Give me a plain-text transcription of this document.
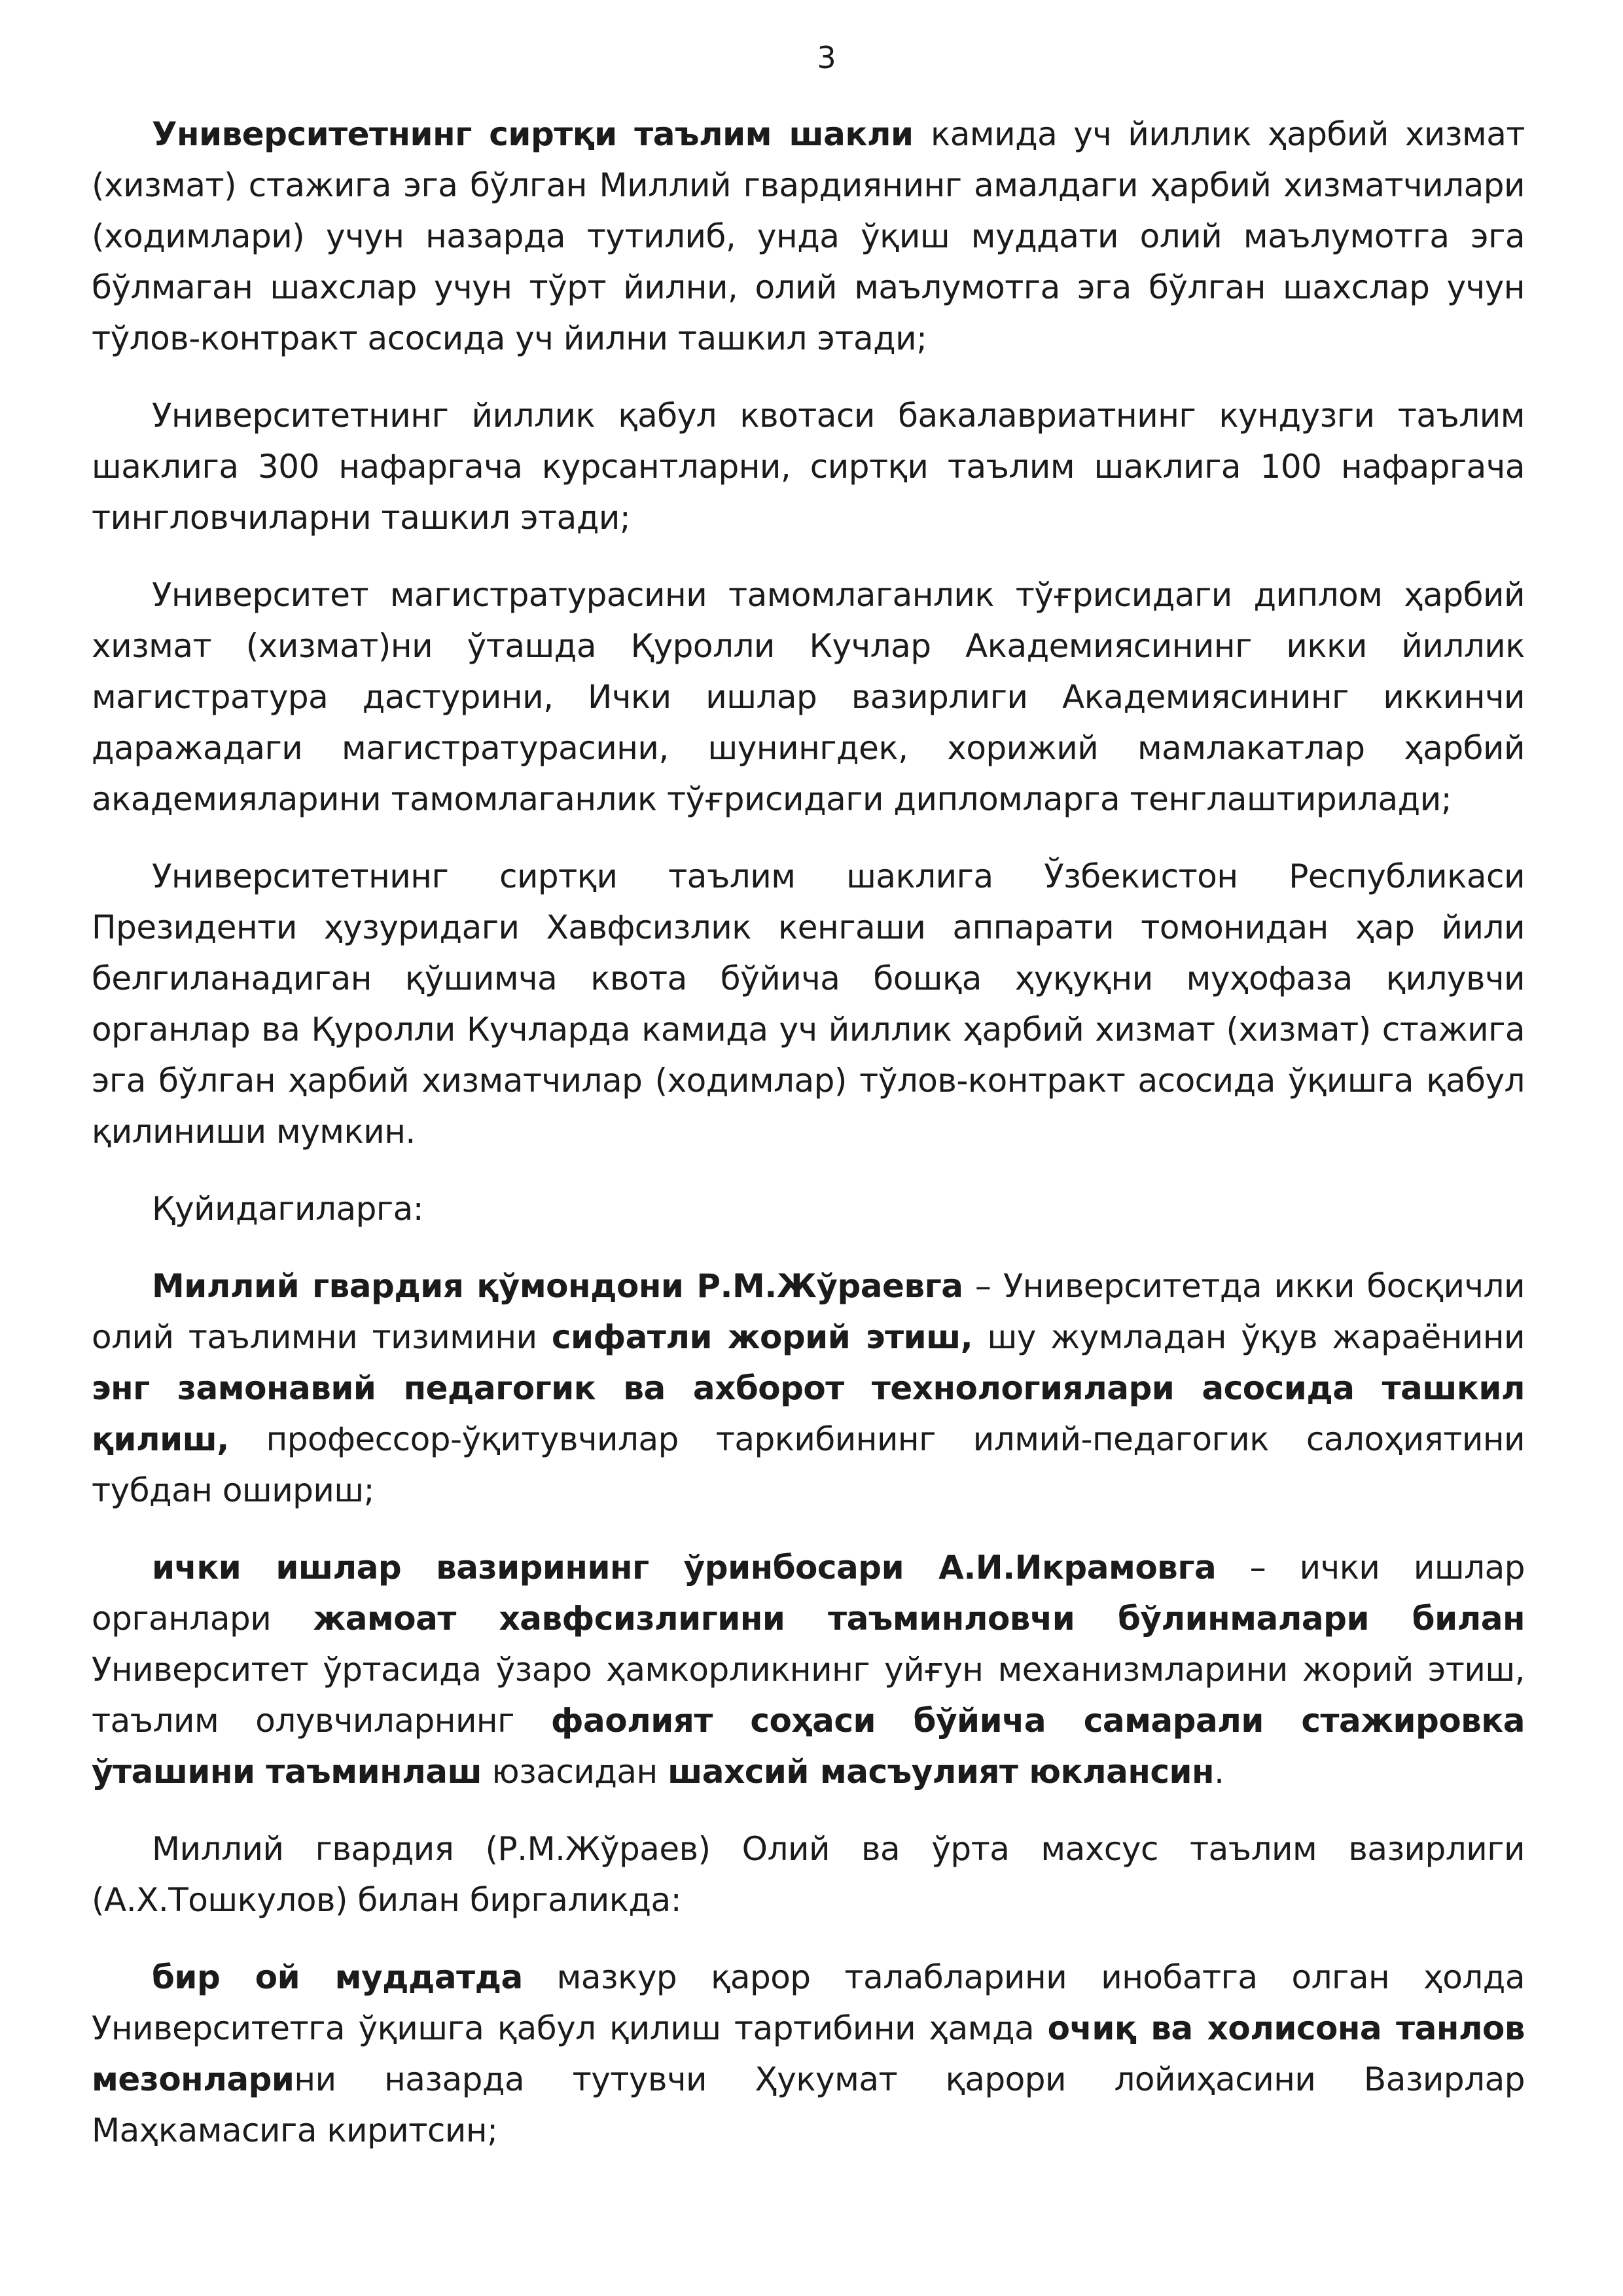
3

Университетнинг сиртқи таълим шакли камида уч йиллик ҳарбий хизмат (хизмат) стажига эга бўлган Миллий гвардиянинг амалдаги ҳарбий хизматчилари (ходимлари) учун назарда тутилиб, унда ўқиш муддати олий маълумотга эга бўлмаган шахслар учун тўрт йилни, олий маълумотга эга бўлган шахслар учун тўлов-контракт асосида уч йилни ташкил этади;

Университетнинг йиллик қабул квотаси бакалавриатнинг кундузги таълим шаклига 300 нафаргача курсантларни, сиртқи таълим шаклига 100 нафаргача тингловчиларни ташкил этади;

Университет магистратурасини тамомлаганлик тўғрисидаги диплом ҳарбий хизмат (хизмат)ни ўташда Қуролли Кучлар Академиясининг икки йиллик магистратура дастурини, Ички ишлар вазирлиги Академиясининг иккинчи даражадаги магистратурасини, шунингдек, хорижий мамлакатлар ҳарбий академияларини тамомлаганлик тўғрисидаги дипломларга тенглаштирилади;

Университетнинг сиртқи таълим шаклига Ўзбекистон Республикаси Президенти ҳузуридаги Хавфсизлик кенгаши аппарати томонидан ҳар йили белгиланадиган қўшимча квота бўйича бошқа ҳуқуқни муҳофаза қилувчи органлар ва Қуролли Кучларда камида уч йиллик ҳарбий хизмат (хизмат) стажига эга бўлган ҳарбий хизматчилар (ходимлар) тўлов-контракт асосида ўқишга қабул қилиниши мумкин.

Қуйидагиларга:

Миллий гвардия қўмондони Р.М.Жўраевга – Университетда икки босқичли олий таълимни тизимини сифатли жорий этиш, шу жумладан ўқув жараёнини энг замонавий педагогик ва ахборот технологиялари асосида ташкил қилиш, профессор-ўқитувчилар таркибининг илмий-педагогик салоҳиятини тубдан ошириш;

ички ишлар вазирининг ўринбосари А.И.Икрамовга – ички ишлар органлари жамоат хавфсизлигини таъминловчи бўлинмалари билан Университет ўртасида ўзаро ҳамкорликнинг уйғун механизмларини жорий этиш, таълим олувчиларнинг фаолият соҳаси бўйича самарали стажировка ўташини таъминлаш юзасидан шахсий масъулият юклансин.

Миллий гвардия (Р.М.Жўраев) Олий ва ўрта махсус таълим вазирлиги (А.Х.Тошкулов) билан биргаликда:

бир ой муддатда мазкур қарор талабларини инобатга олган ҳолда Университетга ўқишга қабул қилиш тартибини ҳамда очиқ ва холисона танлов мезонларини назарда тутувчи Ҳукумат қарори лойиҳасини Вазирлар Маҳкамасига киритсин;
